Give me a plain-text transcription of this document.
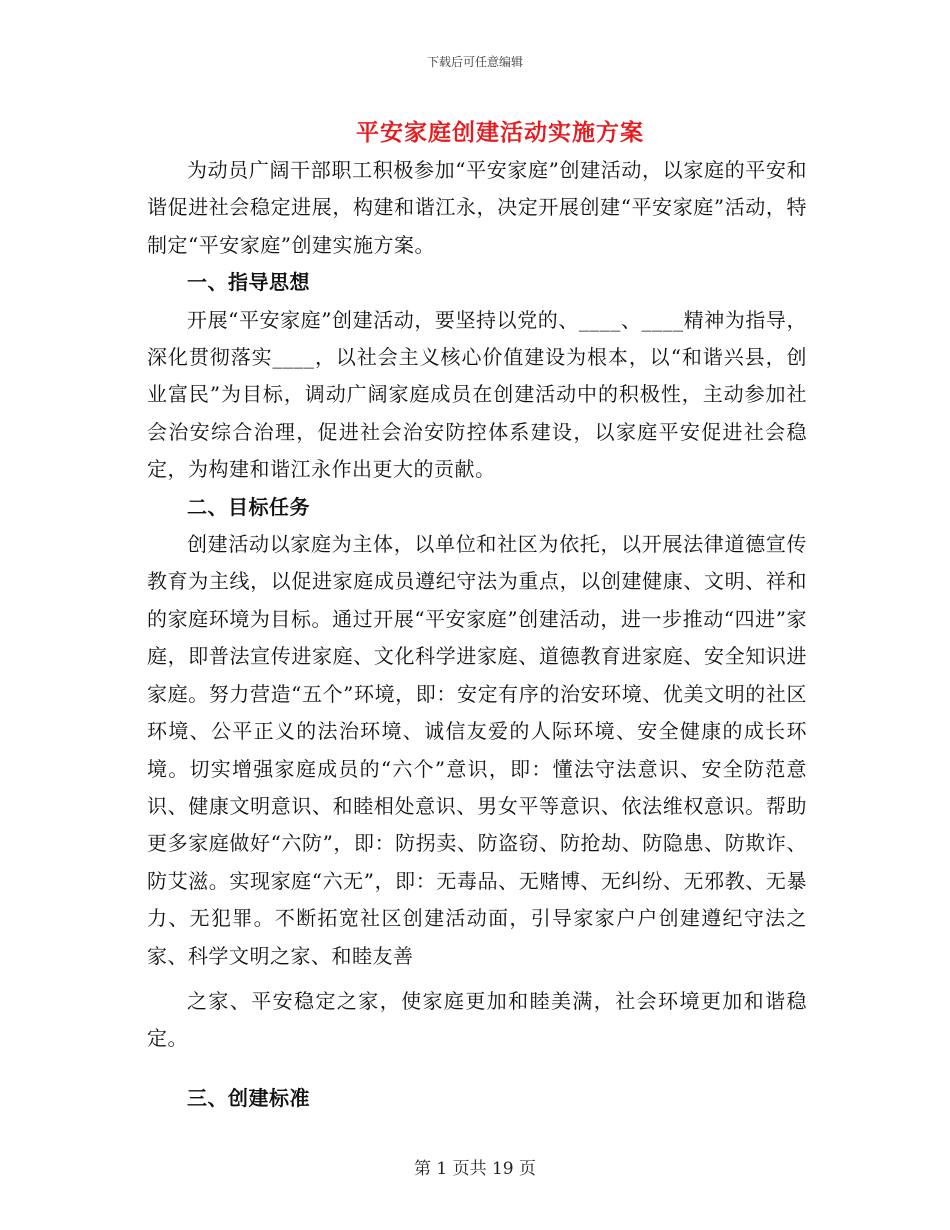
下载后可任意编辑
平安家庭创建活动实施方案

为动员广阔干部职工积极参加“平安家庭”创建活动，以家庭的平安和谐促进社会稳定进展，构建和谐江永，决定开展创建“平安家庭”活动，特制定“平安家庭”创建实施方案。

一、指导思想

开展“平安家庭”创建活动，要坚持以党的、____、____精神为指导，深化贯彻落实____，以社会主义核心价值建设为根本，以“和谐兴县，创业富民”为目标，调动广阔家庭成员在创建活动中的积极性，主动参加社会治安综合治理，促进社会治安防控体系建设，以家庭平安促进社会稳定，为构建和谐江永作出更大的贡献。

二、目标任务

创建活动以家庭为主体，以单位和社区为依托，以开展法律道德宣传教育为主线，以促进家庭成员遵纪守法为重点，以创建健康、文明、祥和的家庭环境为目标。通过开展“平安家庭”创建活动，进一步推动“四进”家庭，即普法宣传进家庭、文化科学进家庭、道德教育进家庭、安全知识进家庭。努力营造“五个”环境，即：安定有序的治安环境、优美文明的社区环境、公平正义的法治环境、诚信友爱的人际环境、安全健康的成长环境。切实增强家庭成员的“六个”意识，即：懂法守法意识、安全防范意识、健康文明意识、和睦相处意识、男女平等意识、依法维权意识。帮助更多家庭做好“六防”，即：防拐卖、防盗窃、防抢劫、防隐患、防欺诈、防艾滋。实现家庭“六无”，即：无毒品、无赌博、无纠纷、无邪教、无暴力、无犯罪。不断拓宽社区创建活动面，引导家家户户创建遵纪守法之家、科学文明之家、和睦友善

之家、平安稳定之家，使家庭更加和睦美满，社会环境更加和谐稳定。

三、创建标准

第 1 页共 19 页
